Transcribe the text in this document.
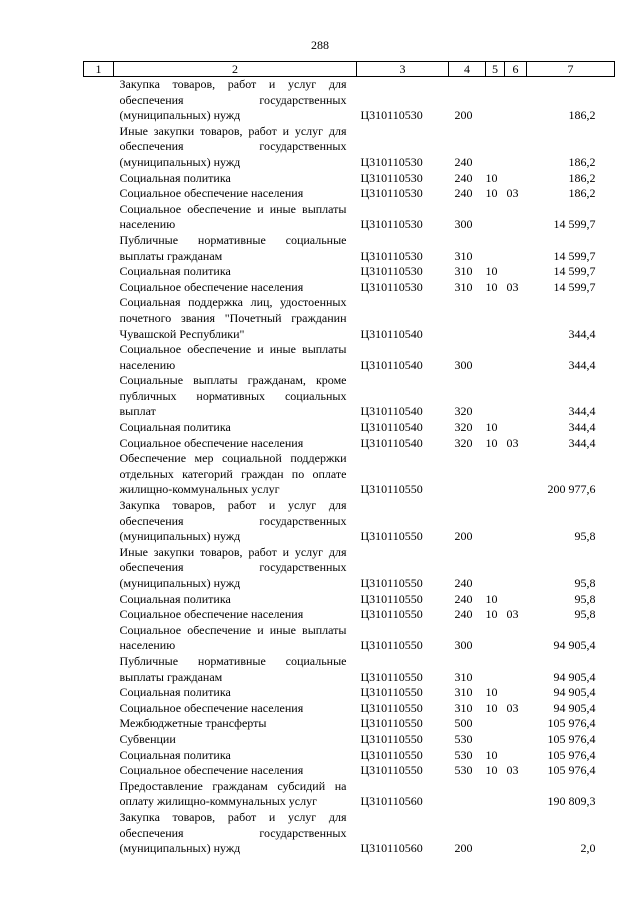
288
1	2	3	4	5	6	7
	Закупка товаров, работ и услуг для обеспечения государственных (муниципальных) нужд	Ц310110530	200			186,2
	Иные закупки товаров, работ и услуг для обеспечения государственных (муниципальных) нужд	Ц310110530	240			186,2
	Социальная политика	Ц310110530	240	10		186,2
	Социальное обеспечение населения	Ц310110530	240	10	03	186,2
	Социальное обеспечение и иные выплаты населению	Ц310110530	300			14 599,7
	Публичные нормативные социальные выплаты гражданам	Ц310110530	310			14 599,7
	Социальная политика	Ц310110530	310	10		14 599,7
	Социальное обеспечение населения	Ц310110530	310	10	03	14 599,7
	Социальная поддержка лиц, удостоенных почетного звания "Почетный гражданин Чувашской Республики"	Ц310110540				344,4
	Социальное обеспечение и иные выплаты населению	Ц310110540	300			344,4
	Социальные выплаты гражданам, кроме публичных нормативных социальных выплат	Ц310110540	320			344,4
	Социальная политика	Ц310110540	320	10		344,4
	Социальное обеспечение населения	Ц310110540	320	10	03	344,4
	Обеспечение мер социальной поддержки отдельных категорий граждан по оплате жилищно-коммунальных услуг	Ц310110550				200 977,6
	Закупка товаров, работ и услуг для обеспечения государственных (муниципальных) нужд	Ц310110550	200			95,8
	Иные закупки товаров, работ и услуг для обеспечения государственных (муниципальных) нужд	Ц310110550	240			95,8
	Социальная политика	Ц310110550	240	10		95,8
	Социальное обеспечение населения	Ц310110550	240	10	03	95,8
	Социальное обеспечение и иные выплаты населению	Ц310110550	300			94 905,4
	Публичные нормативные социальные выплаты гражданам	Ц310110550	310			94 905,4
	Социальная политика	Ц310110550	310	10		94 905,4
	Социальное обеспечение населения	Ц310110550	310	10	03	94 905,4
	Межбюджетные трансферты	Ц310110550	500			105 976,4
	Субвенции	Ц310110550	530			105 976,4
	Социальная политика	Ц310110550	530	10		105 976,4
	Социальное обеспечение населения	Ц310110550	530	10	03	105 976,4
	Предоставление гражданам субсидий на оплату жилищно-коммунальных услуг	Ц310110560				190 809,3
	Закупка товаров, работ и услуг для обеспечения государственных (муниципальных) нужд	Ц310110560	200			2,0
